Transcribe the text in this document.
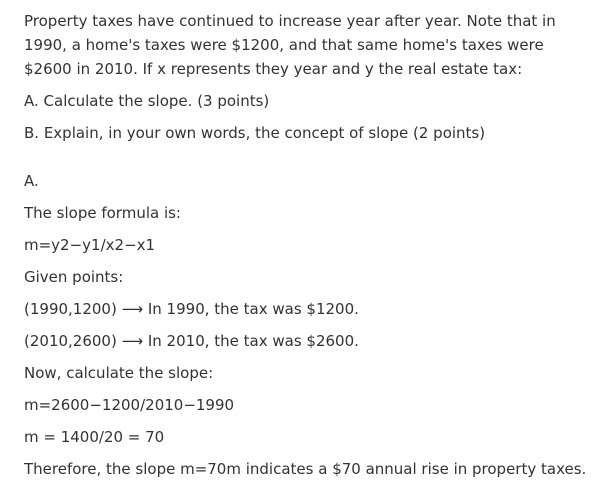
Property taxes have continued to increase year after year. Note that in 1990, a home's taxes were $1200, and that same home's taxes were $2600 in 2010. If x represents they year and y the real estate tax:

A. Calculate the slope. (3 points)

B. Explain, in your own words, the concept of slope (2 points)

A.

The slope formula is:

m=y2−y1/x2−x1

Given points:

(1990,1200) ⟶ In 1990, the tax was $1200.

(2010,2600) ⟶ In 2010, the tax was $2600.

Now, calculate the slope:

m=2600−1200/2010−1990

m = 1400/20 = 70

Therefore, the slope m=70m indicates a $70 annual rise in property taxes.
